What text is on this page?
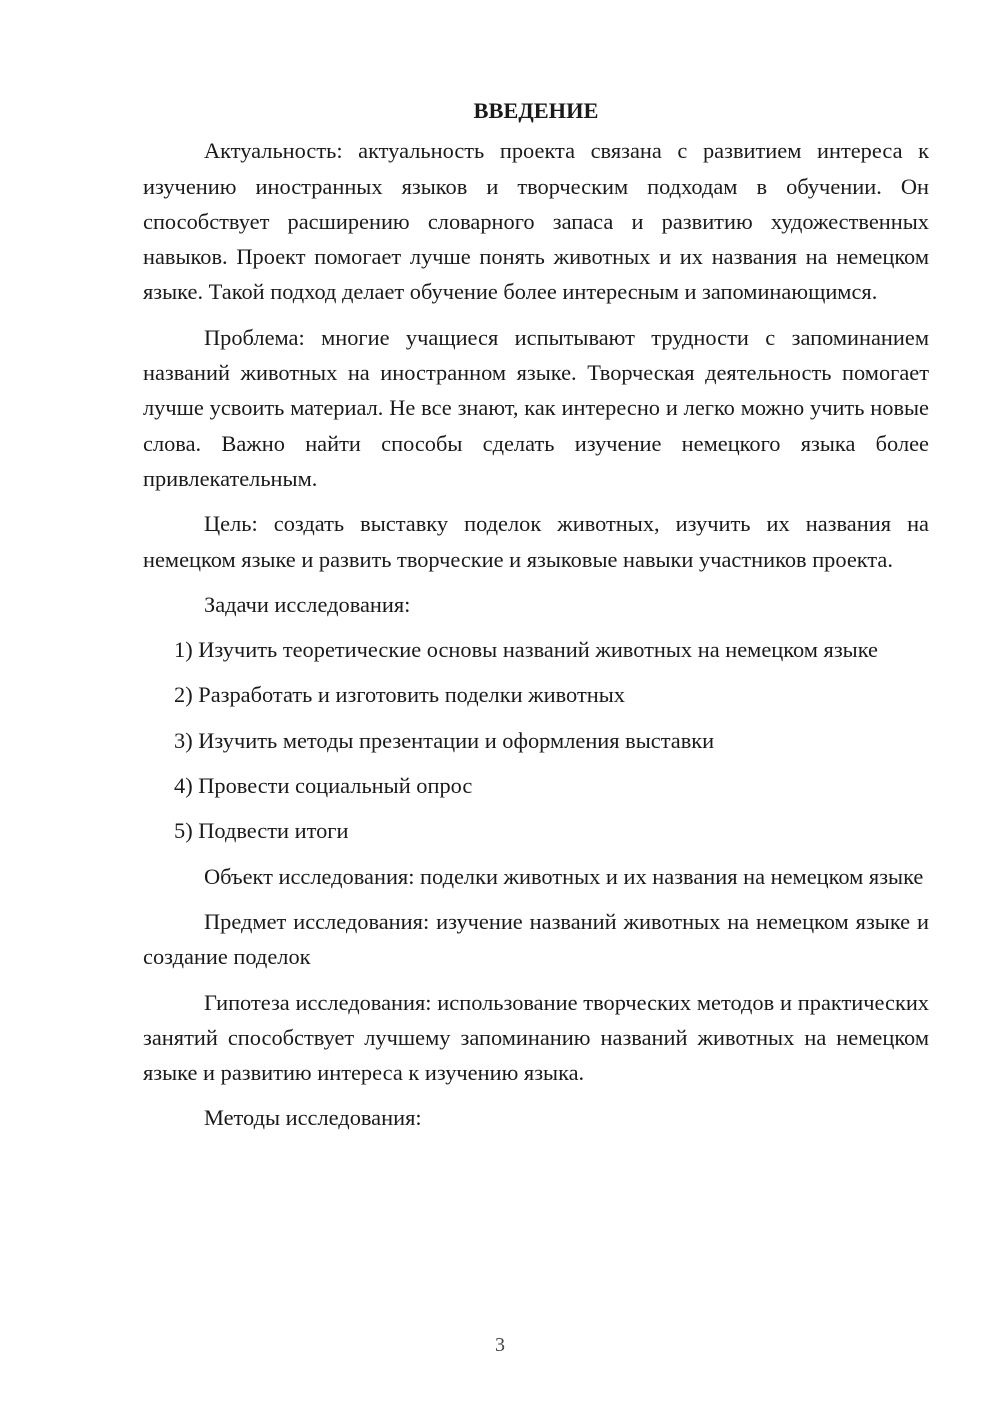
ВВЕДЕНИЕ

Актуальность: актуальность проекта связана с развитием интереса к изучению иностранных языков и творческим подходам в обучении. Он способствует расширению словарного запаса и развитию художественных навыков. Проект помогает лучше понять животных и их названия на немецком языке. Такой подход делает обучение более интересным и запоминающимся.

Проблема: многие учащиеся испытывают трудности с запоминанием названий животных на иностранном языке. Творческая деятельность помогает лучше усвоить материал. Не все знают, как интересно и легко можно учить новые слова. Важно найти способы сделать изучение немецкого языка более привлекательным.

Цель: создать выставку поделок животных, изучить их названия на немецком языке и развить творческие и языковые навыки участников проекта.

Задачи исследования:

1) Изучить теоретические основы названий животных на немецком языке

2) Разработать и изготовить поделки животных

3) Изучить методы презентации и оформления выставки

4) Провести социальный опрос

5) Подвести итоги

Объект исследования: поделки животных и их названия на немецком языке

Предмет исследования: изучение названий животных на немецком языке и создание поделок

Гипотеза исследования: использование творческих методов и практических занятий способствует лучшему запоминанию названий животных на немецком языке и развитию интереса к изучению языка.

Методы исследования:

3
